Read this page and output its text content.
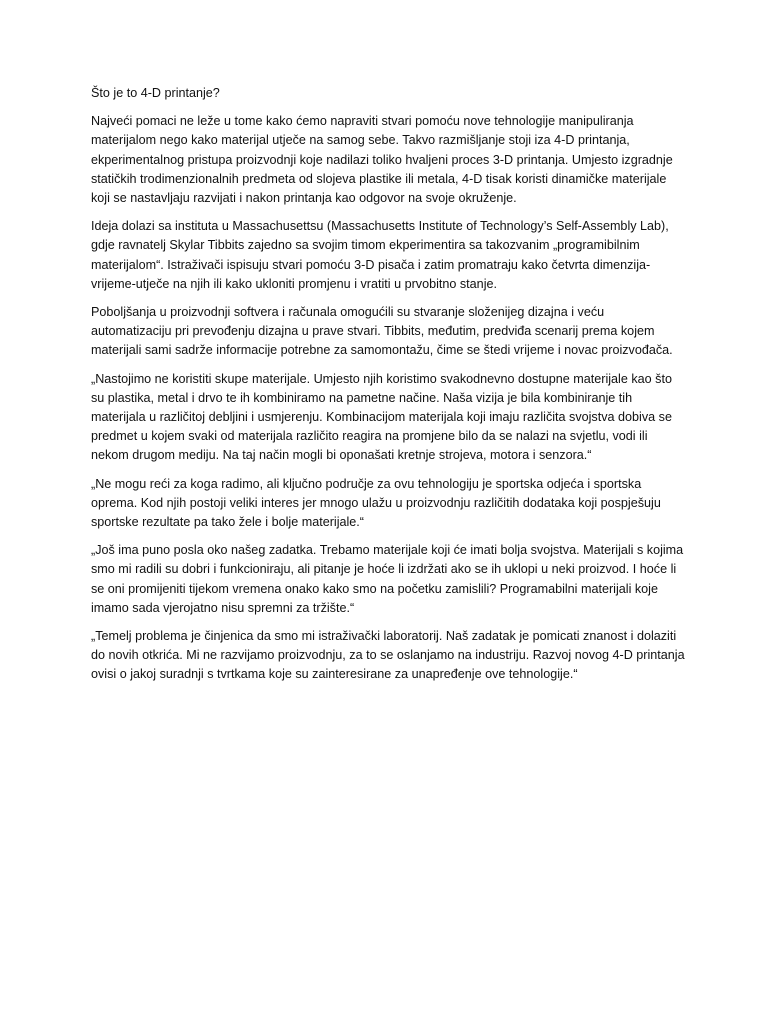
Što je to 4-D printanje?

Najveći pomaci ne leže u tome kako ćemo napraviti stvari pomoću nove tehnologije manipuliranja materijalom nego kako materijal utječe na samog sebe. Takvo razmišljanje stoji iza 4-D printanja, ekperimentalnog pristupa proizvodnji koje nadilazi toliko hvaljeni proces 3-D printanja. Umjesto izgradnje statičkih trodimenzionalnih predmeta od slojeva plastike ili metala, 4-D tisak koristi dinamičke materijale koji se nastavljaju razvijati i nakon printanja kao odgovor na svoje okruženje.

Ideja dolazi sa instituta u Massachusettsu (Massachusetts Institute of Technology’s Self-Assembly Lab), gdje ravnatelj Skylar Tibbits zajedno sa svojim timom ekperimentira sa takozvanim „programibilnim materijalom“. Istraživači ispisuju stvari pomoću 3-D pisača i zatim promatraju kako četvrta dimenzija-vrijeme-utječe na njih ili kako ukloniti promjenu i vratiti u prvobitno stanje.

Poboljšanja u proizvodnji softvera i računala omogućili su stvaranje složenijeg dizajna i veću automatizaciju pri prevođenju dizajna u prave stvari. Tibbits, međutim, predviđa scenarij prema kojem materijali sami sadrže informacije potrebne za samomontažu, čime se štedi vrijeme i novac proizvođača.

„Nastojimo ne koristiti skupe materijale. Umjesto njih koristimo svakodnevno dostupne materijale kao što su plastika, metal i drvo te ih kombiniramo na pametne načine. Naša vizija je bila kombiniranje tih materijala u različitoj debljini i usmjerenju. Kombinacijom materijala koji imaju različita svojstva dobiva se predmet u kojem svaki od materijala različito reagira na promjene bilo da se nalazi na svjetlu, vodi ili nekom drugom mediju. Na taj način mogli bi oponašati kretnje strojeva, motora i senzora.“

„Ne mogu reći za koga radimo, ali ključno područje za ovu tehnologiju je sportska odjeća i sportska oprema. Kod njih postoji veliki interes jer mnogo ulažu u proizvodnju različitih dodataka koji pospješuju sportske rezultate pa tako žele i bolje materijale.“

„Još ima puno posla oko našeg zadatka. Trebamo materijale koji će imati bolja svojstva. Materijali s kojima smo mi radili su dobri i funkcioniraju, ali pitanje je hoće li izdržati ako se ih uklopi u neki proizvod. I hoće li se oni promijeniti tijekom vremena onako kako smo na početku zamislili? Programabilni materijali koje imamo sada vjerojatno nisu spremni za tržište.“

„Temelj problema je činjenica da smo mi istraživački laboratorij. Naš zadatak je pomicati znanost i dolaziti do novih otkrića. Mi ne razvijamo proizvodnju, za to se oslanjamo na industriju. Razvoj novog 4-D printanja ovisi o jakoj suradnji s tvrtkama koje su zainteresirane za unapređenje ove tehnologije.“
